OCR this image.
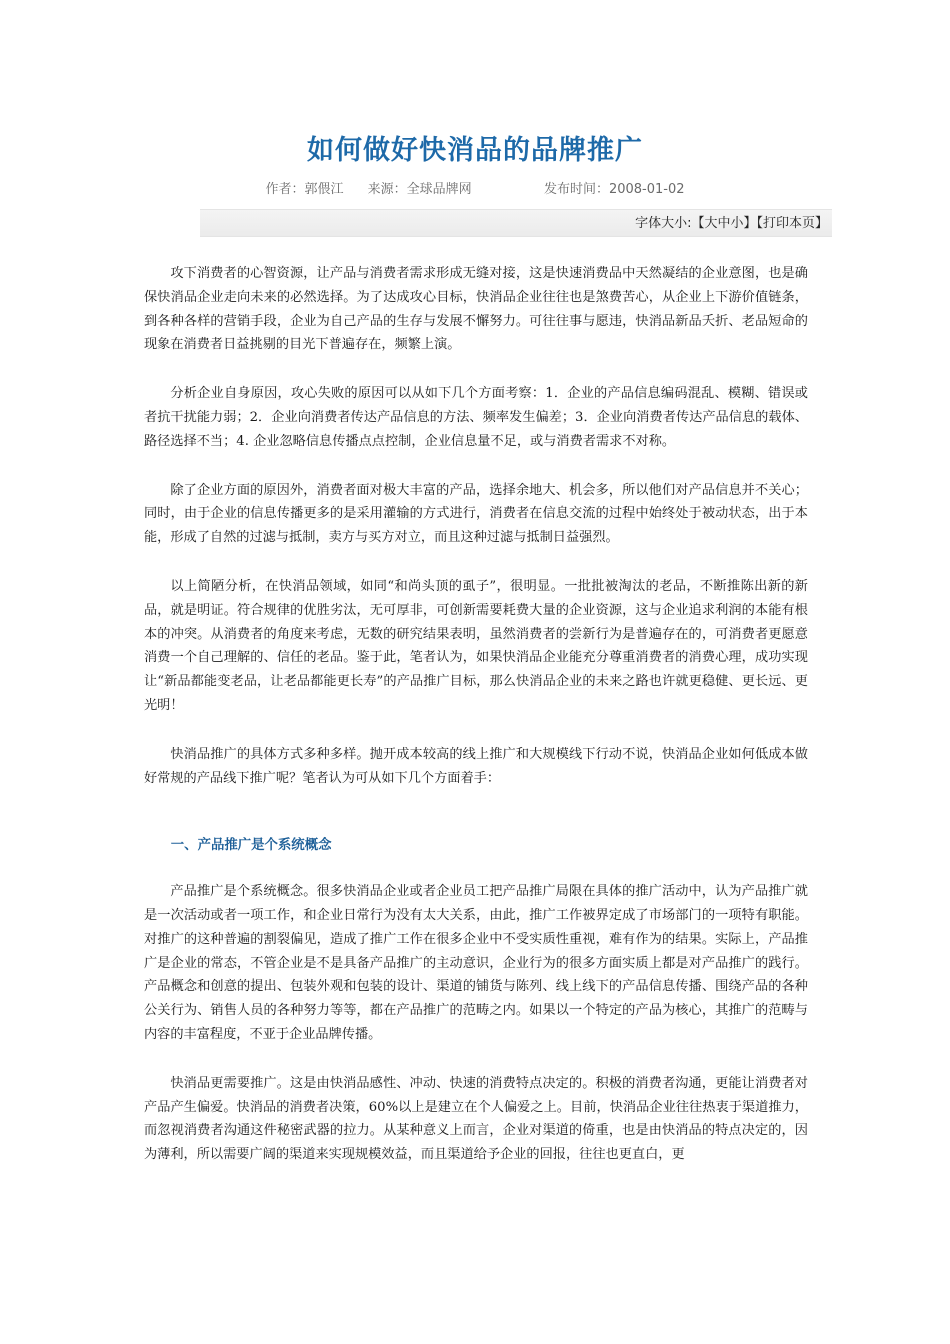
如何做好快消品的品牌推广
作者：郭偎江 来源：全球品牌网	发布时间：2008-01-02
字体大小:【大中小】【打印本页】

攻下消费者的心智资源，让产品与消费者需求形成无缝对接，这是快速消费品中天然凝结的企业意图，也是确保快消品企业走向未来的必然选择。为了达成攻心目标，快消品企业往往也是煞费苦心，从企业上下游价值链条，到各种各样的营销手段，企业为自己产品的生存与发展不懈努力。可往往事与愿违，快消品新品夭折、老品短命的现象在消费者日益挑剔的目光下普遍存在，频繁上演。

分析企业自身原因，攻心失败的原因可以从如下几个方面考察：1．企业的产品信息编码混乱、模糊、错误或者抗干扰能力弱；2．企业向消费者传达产品信息的方法、频率发生偏差；3．企业向消费者传达产品信息的载体、路径选择不当；4. 企业忽略信息传播点点控制，企业信息量不足，或与消费者需求不对称。

除了企业方面的原因外，消费者面对极大丰富的产品，选择余地大、机会多，所以他们对产品信息并不关心；同时，由于企业的信息传播更多的是采用灌输的方式进行，消费者在信息交流的过程中始终处于被动状态，出于本能，形成了自然的过滤与抵制，卖方与买方对立，而且这种过滤与抵制日益强烈。

以上简陋分析，在快消品领域，如同“和尚头顶的虱子”，很明显。一批批被淘汰的老品，不断推陈出新的新品，就是明证。符合规律的优胜劣汰，无可厚非，可创新需要耗费大量的企业资源，这与企业追求利润的本能有根本的冲突。从消费者的角度来考虑，无数的研究结果表明，虽然消费者的尝新行为是普遍存在的，可消费者更愿意消费一个自己理解的、信任的老品。鉴于此，笔者认为，如果快消品企业能充分尊重消费者的消费心理，成功实现让“新品都能变老品，让老品都能更长寿”的产品推广目标，那么快消品企业的未来之路也许就更稳健、更长远、更光明！

快消品推广的具体方式多种多样。抛开成本较高的线上推广和大规模线下行动不说，快消品企业如何低成本做好常规的产品线下推广呢？笔者认为可从如下几个方面着手：

一、产品推广是个系统概念

产品推广是个系统概念。很多快消品企业或者企业员工把产品推广局限在具体的推广活动中，认为产品推广就是一次活动或者一项工作，和企业日常行为没有太大关系，由此，推广工作被界定成了市场部门的一项特有职能。对推广的这种普遍的割裂偏见，造成了推广工作在很多企业中不受实质性重视，难有作为的结果。实际上，产品推广是企业的常态，不管企业是不是具备产品推广的主动意识，企业行为的很多方面实质上都是对产品推广的践行。产品概念和创意的提出、包装外观和包装的设计、渠道的铺货与陈列、线上线下的产品信息传播、围绕产品的各种公关行为、销售人员的各种努力等等，都在产品推广的范畴之内。如果以一个特定的产品为核心，其推广的范畴与内容的丰富程度，不亚于企业品牌传播。

快消品更需要推广。这是由快消品感性、冲动、快速的消费特点决定的。积极的消费者沟通，更能让消费者对产品产生偏爱。快消品的消费者决策，60%以上是建立在个人偏爱之上。目前，快消品企业往往热衷于渠道推力，而忽视消费者沟通这件秘密武器的拉力。从某种意义上而言，企业对渠道的倚重，也是由快消品的特点决定的，因为薄利，所以需要广阔的渠道来实现规模效益，而且渠道给予企业的回报，往往也更直白，更
